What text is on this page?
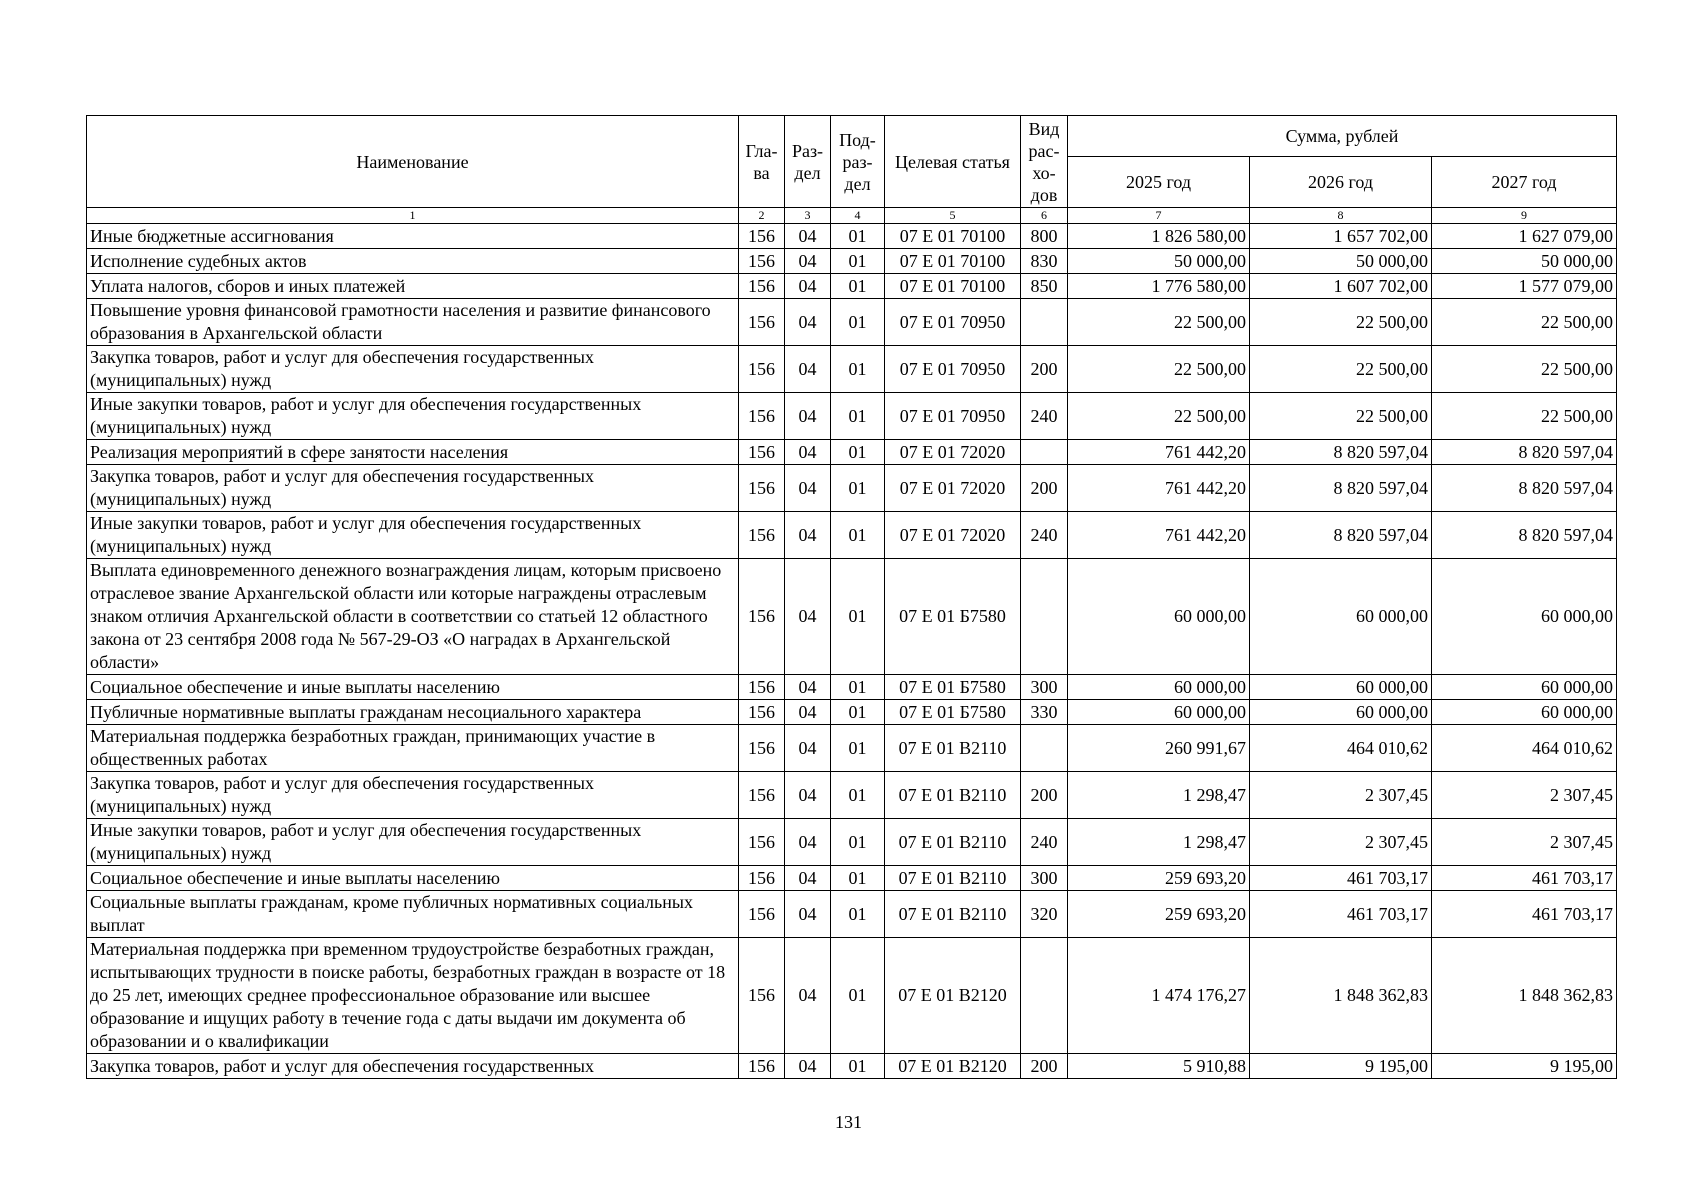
Наименование	Гла-ва	Раз-дел	Под-раз-дел	Целевая статья	Вид рас-хо-дов	Сумма, рублей		
						2025 год	2026 год	2027 год
1	2	3	4	5	6	7	8	9
Иные бюджетные ассигнования	156	04	01	07 Е 01 70100	800	1 826 580,00	1 657 702,00	1 627 079,00
Исполнение судебных актов	156	04	01	07 Е 01 70100	830	50 000,00	50 000,00	50 000,00
Уплата налогов, сборов и иных платежей	156	04	01	07 Е 01 70100	850	1 776 580,00	1 607 702,00	1 577 079,00
Повышение уровня финансовой грамотности населения и развитие финансового образования в Архангельской области	156	04	01	07 Е 01 70950		22 500,00	22 500,00	22 500,00
Закупка товаров, работ и услуг для обеспечения государственных (муниципальных) нужд	156	04	01	07 Е 01 70950	200	22 500,00	22 500,00	22 500,00
Иные закупки товаров, работ и услуг для обеспечения государственных (муниципальных) нужд	156	04	01	07 Е 01 70950	240	22 500,00	22 500,00	22 500,00
Реализация мероприятий в сфере занятости населения	156	04	01	07 Е 01 72020		761 442,20	8 820 597,04	8 820 597,04
Закупка товаров, работ и услуг для обеспечения государственных (муниципальных) нужд	156	04	01	07 Е 01 72020	200	761 442,20	8 820 597,04	8 820 597,04
Иные закупки товаров, работ и услуг для обеспечения государственных (муниципальных) нужд	156	04	01	07 Е 01 72020	240	761 442,20	8 820 597,04	8 820 597,04
Выплата единовременного денежного вознаграждения лицам, которым присвоено отраслевое звание Архангельской области или которые награждены отраслевым знаком отличия Архангельской области в соответствии со статьей 12 областного закона от 23 сентября 2008 года № 567-29-ОЗ «О наградах в Архангельской области»	156	04	01	07 Е 01 Б7580		60 000,00	60 000,00	60 000,00
Социальное обеспечение и иные выплаты населению	156	04	01	07 Е 01 Б7580	300	60 000,00	60 000,00	60 000,00
Публичные нормативные выплаты гражданам несоциального характера	156	04	01	07 Е 01 Б7580	330	60 000,00	60 000,00	60 000,00
Материальная поддержка безработных граждан, принимающих участие в общественных работах	156	04	01	07 Е 01 В2110		260 991,67	464 010,62	464 010,62
Закупка товаров, работ и услуг для обеспечения государственных (муниципальных) нужд	156	04	01	07 Е 01 В2110	200	1 298,47	2 307,45	2 307,45
Иные закупки товаров, работ и услуг для обеспечения государственных (муниципальных) нужд	156	04	01	07 Е 01 В2110	240	1 298,47	2 307,45	2 307,45
Социальное обеспечение и иные выплаты населению	156	04	01	07 Е 01 В2110	300	259 693,20	461 703,17	461 703,17
Социальные выплаты гражданам, кроме публичных нормативных социальных выплат	156	04	01	07 Е 01 В2110	320	259 693,20	461 703,17	461 703,17
Материальная поддержка при временном трудоустройстве безработных граждан, испытывающих трудности в поиске работы, безработных граждан в возрасте от 18 до 25 лет, имеющих среднее профессиональное образование или высшее образование и ищущих работу в течение года с даты выдачи им документа об образовании и о квалификации	156	04	01	07 Е 01 В2120		1 474 176,27	1 848 362,83	1 848 362,83
Закупка товаров, работ и услуг для обеспечения государственных	156	04	01	07 Е 01 В2120	200	5 910,88	9 195,00	9 195,00
131
